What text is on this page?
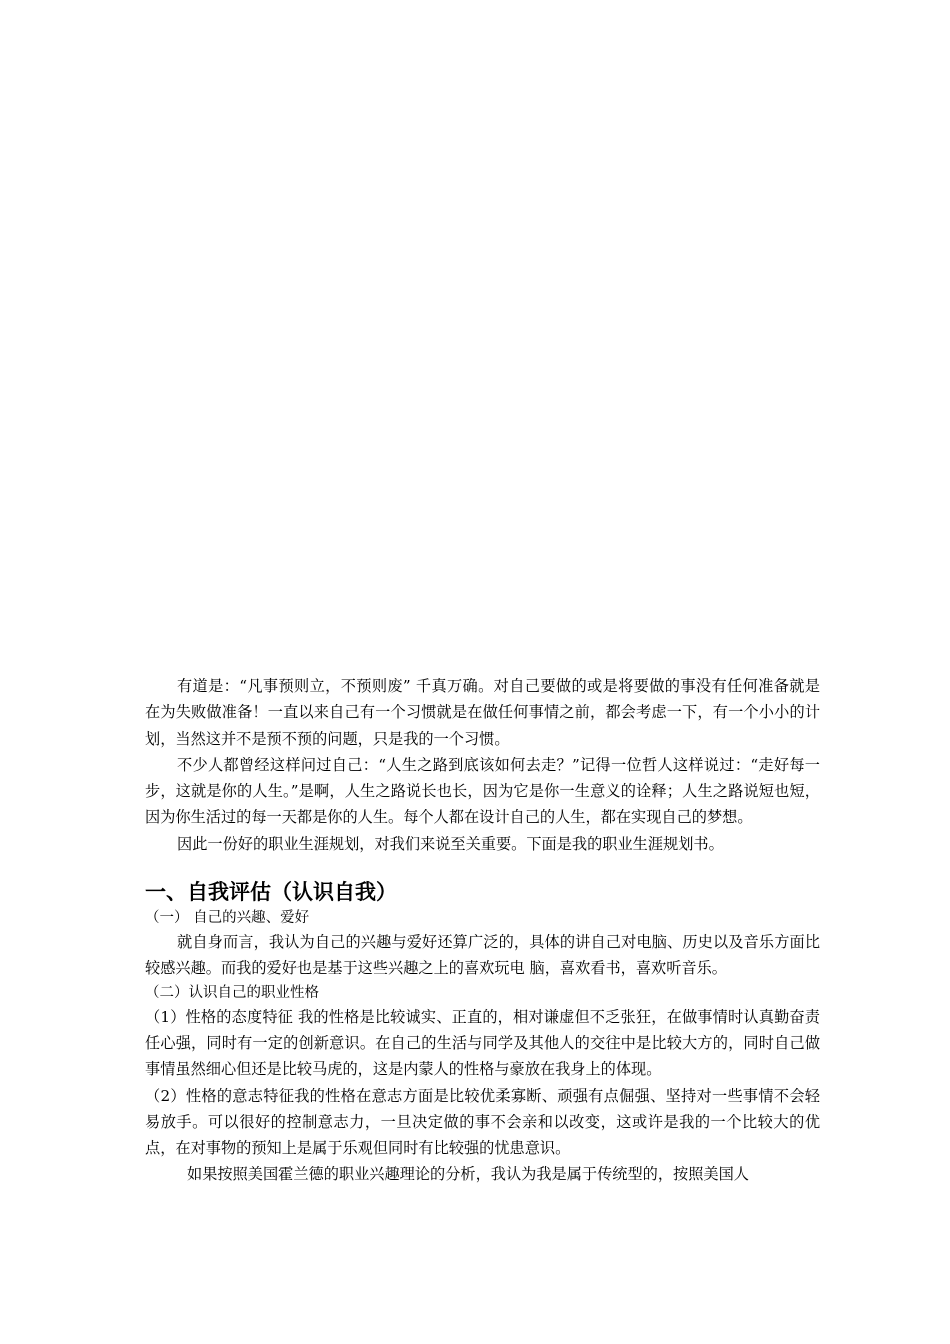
有道是：“凡事预则立，不预则废” 千真万确。对自己要做的或是将要做的事没有任何准备就是在为失败做准备！一直以来自己有一个习惯就是在做任何事情之前，都会考虑一下，有一个小小的计划，当然这并不是预不预的问题，只是我的一个习惯。

不少人都曾经这样问过自己：“人生之路到底该如何去走？”记得一位哲人这样说过：“走好每一步，这就是你的人生。”是啊，人生之路说长也长，因为它是你一生意义的诠释；人生之路说短也短，因为你生活过的每一天都是你的人生。每个人都在设计自己的人生，都在实现自己的梦想。

因此一份好的职业生涯规划，对我们来说至关重要。下面是我的职业生涯规划书。

一、自我评估（认识自我）

（一） 自己的兴趣、爱好

就自身而言，我认为自己的兴趣与爱好还算广泛的，具体的讲自己对电脑、历史以及音乐方面比较感兴趣。而我的爱好也是基于这些兴趣之上的喜欢玩电 脑，喜欢看书，喜欢听音乐。

（二）认识自己的职业性格

（1）性格的态度特征 我的性格是比较诚实、正直的，相对谦虚但不乏张狂，在做事情时认真勤奋责任心强，同时有一定的创新意识。在自己的生活与同学及其他人的交往中是比较大方的，同时自己做事情虽然细心但还是比较马虎的，这是内蒙人的性格与豪放在我身上的体现。

（2）性格的意志特征我的性格在意志方面是比较优柔寡断、顽强有点倔强、坚持对一些事情不会轻易放手。可以很好的控制意志力，一旦决定做的事不会亲和以改变，这或许是我的一个比较大的优点，在对事物的预知上是属于乐观但同时有比较强的忧患意识。

如果按照美国霍兰德的职业兴趣理论的分析，我认为我是属于传统型的，按照美国人
